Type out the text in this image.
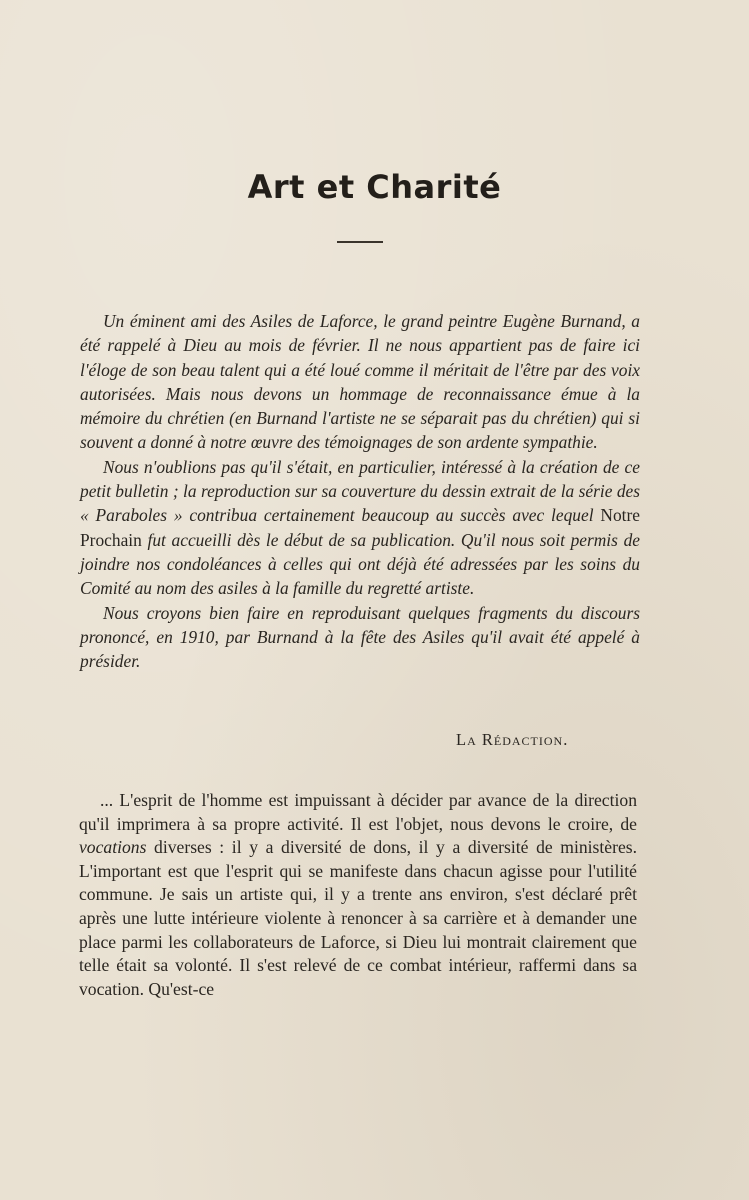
Art et Charité

Un éminent ami des Asiles de Laforce, le grand peintre Eugène Burnand, a été rappelé à Dieu au mois de février. Il ne nous appartient pas de faire ici l'éloge de son beau talent qui a été loué comme il méritait de l'être par des voix autorisées. Mais nous devons un hommage de reconnaissance émue à la mémoire du chrétien (en Burnand l'artiste ne se séparait pas du chrétien) qui si souvent a donné à notre œuvre des témoignages de son ardente sympathie.

Nous n'oublions pas qu'il s'était, en particulier, intéressé à la création de ce petit bulletin ; la reproduction sur sa couverture du dessin extrait de la série des « Paraboles » contribua certainement beaucoup au succès avec lequel Notre Prochain fut accueilli dès le début de sa publication. Qu'il nous soit permis de joindre nos condoléances à celles qui ont déjà été adressées par les soins du Comité au nom des asiles à la famille du regretté artiste.

Nous croyons bien faire en reproduisant quelques fragments du discours prononcé, en 1910, par Burnand à la fête des Asiles qu'il avait été appelé à présider.

La Rédaction.

... L'esprit de l'homme est impuissant à décider par avance de la direction qu'il imprimera à sa propre activité. Il est l'objet, nous devons le croire, de vocations diverses : il y a diversité de dons, il y a diversité de ministères. L'important est que l'esprit qui se manifeste dans chacun agisse pour l'utilité commune. Je sais un artiste qui, il y a trente ans environ, s'est déclaré prêt après une lutte intérieure violente à renoncer à sa carrière et à demander une place parmi les collaborateurs de Laforce, si Dieu lui montrait clairement que telle était sa volonté. Il s'est relevé de ce combat intérieur, raffermi dans sa vocation. Qu'est-ce
